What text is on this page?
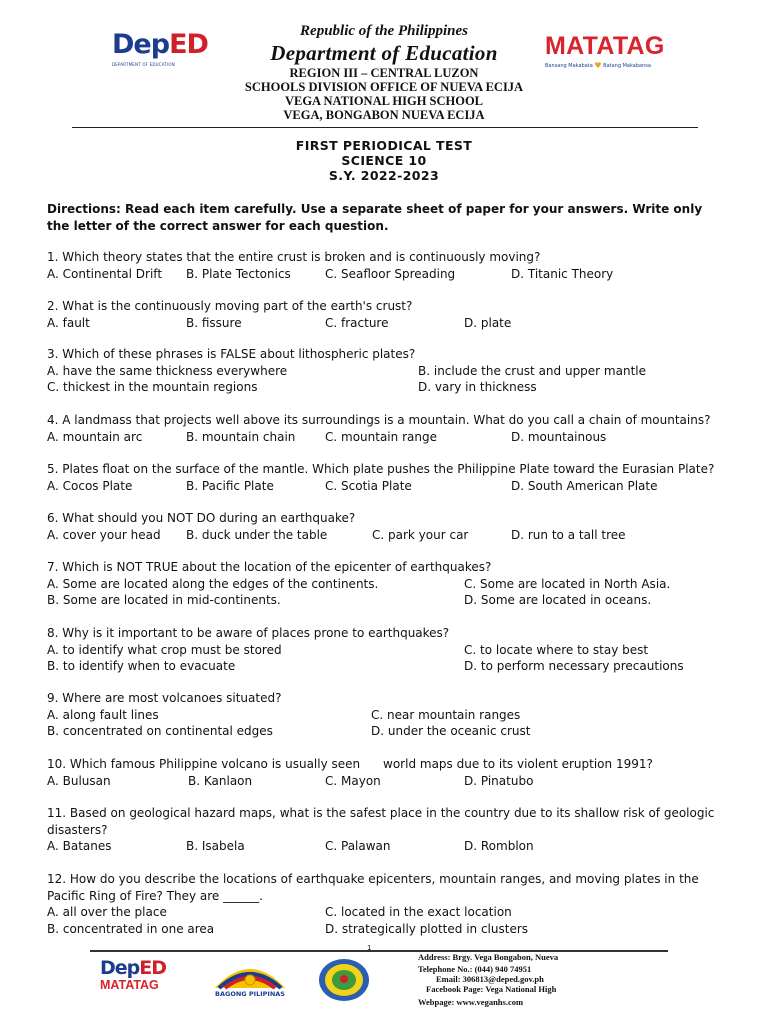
DepED
DEPARTMENT OF EDUCATION
Republic of the Philippines
Department of Education
REGION III – CENTRAL LUZON
SCHOOLS DIVISION OFFICE OF NUEVA ECIJA
VEGA NATIONAL HIGH SCHOOL
VEGA, BONGABON NUEVA ECIJA
MATATAG
Bansang Makabata ♥ Batang Makabansa
FIRST PERIODICAL TEST
SCIENCE 10
S.Y. 2022-2023
Directions: Read each item carefully. Use a separate sheet of paper for your answers. Write only the letter of the correct answer for each question.
1. Which theory states that the entire crust is broken and is continuously moving?
A. Continental Drift B. Plate Tectonics	C. Seafloor Spreading	D. Titanic Theory
2. What is the continuously moving part of the earth's crust?
A. fault	B. fissure	C. fracture	D. plate
3. Which of these phrases is FALSE about lithospheric plates?
A. have the same thickness everywhere	B. include the crust and upper mantle
C. thickest in the mountain regions	D. vary in thickness
4. A landmass that projects well above its surroundings is a mountain. What do you call a chain of mountains?
A. mountain arc	B. mountain chain C. mountain range	D. mountainous
5. Plates float on the surface of the mantle. Which plate pushes the Philippine Plate toward the Eurasian Plate?
A. Cocos Plate	B. Pacific Plate	C. Scotia Plate	D. South American Plate
6. What should you NOT DO during an earthquake?
A. cover your head B. duck under the table	C. park your car	D. run to a tall tree
7. Which is NOT TRUE about the location of the epicenter of earthquakes?
A. Some are located along the edges of the continents.	C. Some are located in North Asia.
B. Some are located in mid-continents.	D. Some are located in oceans.
8. Why is it important to be aware of places prone to earthquakes?
A. to identify what crop must be stored	C. to locate where to stay best
B. to identify when to evacuate	D. to perform necessary precautions
9. Where are most volcanoes situated?
A. along fault lines	C. near mountain ranges
B. concentrated on continental edges	D. under the oceanic crust
10. Which famous Philippine volcano is usually seen      world maps due to its violent eruption 1991?
A. Bulusan	B. Kanlaon	C. Mayon	D. Pinatubo
11. Based on geological hazard maps, what is the safest place in the country due to its shallow risk of geologic disasters?
A. Batanes	B. Isabela	C. Palawan	D. Romblon
12. How do you describe the locations of earthquake epicenters, mountain ranges, and moving plates in the Pacific Ring of Fire? They are ______.
A. all over the place	C. located in the exact location
B. concentrated in one area	D. strategically plotted in clusters
1
DepED
MATATAG
BAGONG PILIPINAS
Address: Brgy. Vega Bongabon, Nueva
Telephone No.: (044) 940 74951
Email: 306813@deped.gov.ph
Facebook Page: Vega National High
Webpage: www.veganhs.com
